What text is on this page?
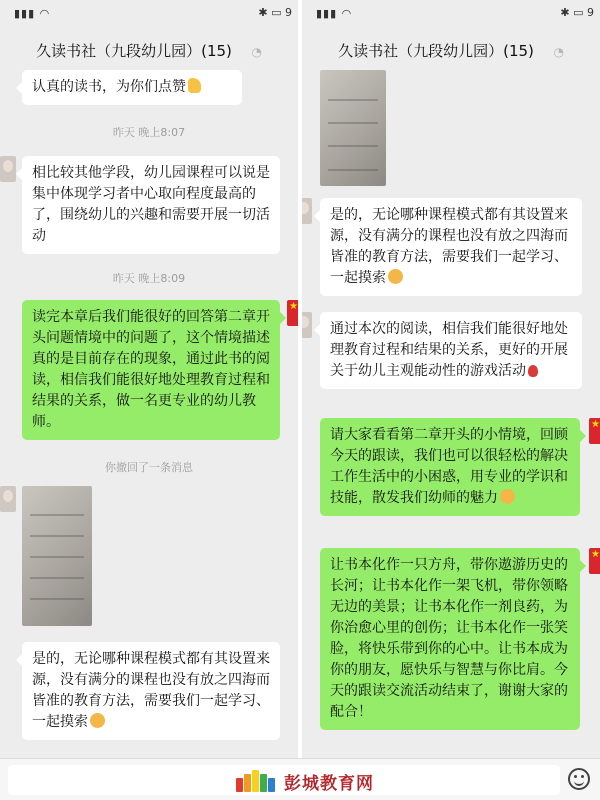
▮▮▮ ◠	✱ ▭ 9
久读书社（九段幼儿园）(15)	◔
认真的读书，为你们点赞
昨天 晚上8:07
相比较其他学段，幼儿园课程可以说是集中体现学习者中心取向程度最高的了，围绕幼儿的兴趣和需要开展一切活动
昨天 晚上8:09
读完本章后我们能很好的回答第二章开头问题情境中的问题了，这个情境描述真的是目前存在的现象，通过此书的阅读，相信我们能很好地处理教育过程和结果的关系，做一名更专业的幼儿教师。
★
你撤回了一条消息
是的，无论哪种课程模式都有其设置来源，没有满分的课程也没有放之四海而皆准的教育方法，需要我们一起学习、一起摸索
▮▮▮ ◠	✱ ▭ 9
久读书社（九段幼儿园）(15)	◔
是的，无论哪种课程模式都有其设置来源，没有满分的课程也没有放之四海而皆准的教育方法，需要我们一起学习、一起摸索
通过本次的阅读，相信我们能很好地处理教育过程和结果的关系，更好的开展关于幼儿主观能动性的游戏活动
请大家看看第二章开头的小情境，回顾今天的跟读，我们也可以很轻松的解决工作生活中的小困惑，用专业的学识和技能，散发我们幼师的魅力
★
让书本化作一只方舟，带你遨游历史的长河；让书本化作一架飞机，带你领略无边的美景；让书本化作一剂良药，为你治愈心里的创伤；让书本化作一张笑脸，将快乐带到你的心中。让书本成为你的朋友，愿快乐与智慧与你比肩。今天的跟读交流活动结束了，谢谢大家的配合！
★
彭城教育网
